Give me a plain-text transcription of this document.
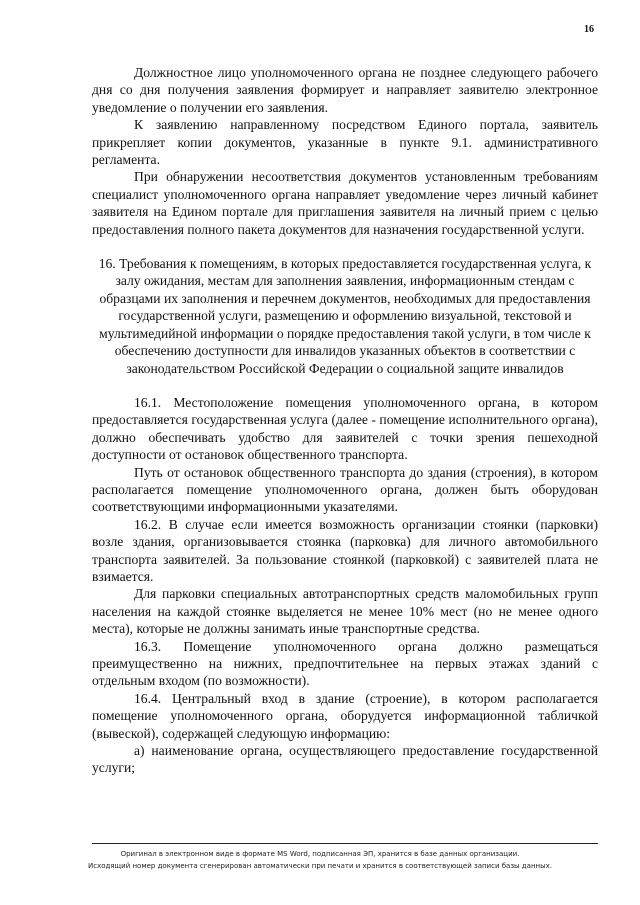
16

Должностное лицо уполномоченного органа не позднее следующего рабочего дня со дня получения заявления формирует и направляет заявителю электронное уведомление о получении его заявления.

К заявлению направленному посредством Единого портала, заявитель прикрепляет копии документов, указанные в пункте 9.1. административного регламента.

При обнаружении несоответствия документов установленным требованиям специалист уполномоченного органа направляет уведомление через личный кабинет заявителя на Едином портале для приглашения заявителя на личный прием с целью предоставления полного пакета документов для назначения государственной услуги.

16. Требования к помещениям, в которых предоставляется государственная услуга, к залу ожидания, местам для заполнения заявления, информационным стендам с образцами их заполнения и перечнем документов, необходимых для предоставления государственной услуги, размещению и оформлению визуальной, текстовой и мультимедийной информации о порядке предоставления такой услуги, в том числе к обеспечению доступности для инвалидов указанных объектов в соответствии с законодательством Российской Федерации о социальной защите инвалидов

16.1. Местоположение помещения уполномоченного органа, в котором предоставляется государственная услуга (далее - помещение исполнительного органа), должно обеспечивать удобство для заявителей с точки зрения пешеходной доступности от остановок общественного транспорта.

Путь от остановок общественного транспорта до здания (строения), в котором располагается помещение уполномоченного органа, должен быть оборудован соответствующими информационными указателями.

16.2. В случае если имеется возможность организации стоянки (парковки) возле здания, организовывается стоянка (парковка) для личного автомобильного транспорта заявителей. За пользование стоянкой (парковкой) с заявителей плата не взимается.

Для парковки специальных автотранспортных средств маломобильных групп населения на каждой стоянке выделяется не менее 10% мест (но не менее одного места), которые не должны занимать иные транспортные средства.

16.3. Помещение уполномоченного органа должно размещаться преимущественно на нижних, предпочтительнее на первых этажах зданий с отдельным входом (по возможности).

16.4. Центральный вход в здание (строение), в котором располагается помещение уполномоченного органа, оборудуется информационной табличкой (вывеской), содержащей следующую информацию:

а) наименование органа, осуществляющего предоставление государственной услуги;

Оригинал в электронном виде в формате MS Word, подписанная ЭП, хранится в базе данных организации.
Исходящий номер документа сгенерирован автоматически при печати и хранится в соответствующей записи базы данных.
